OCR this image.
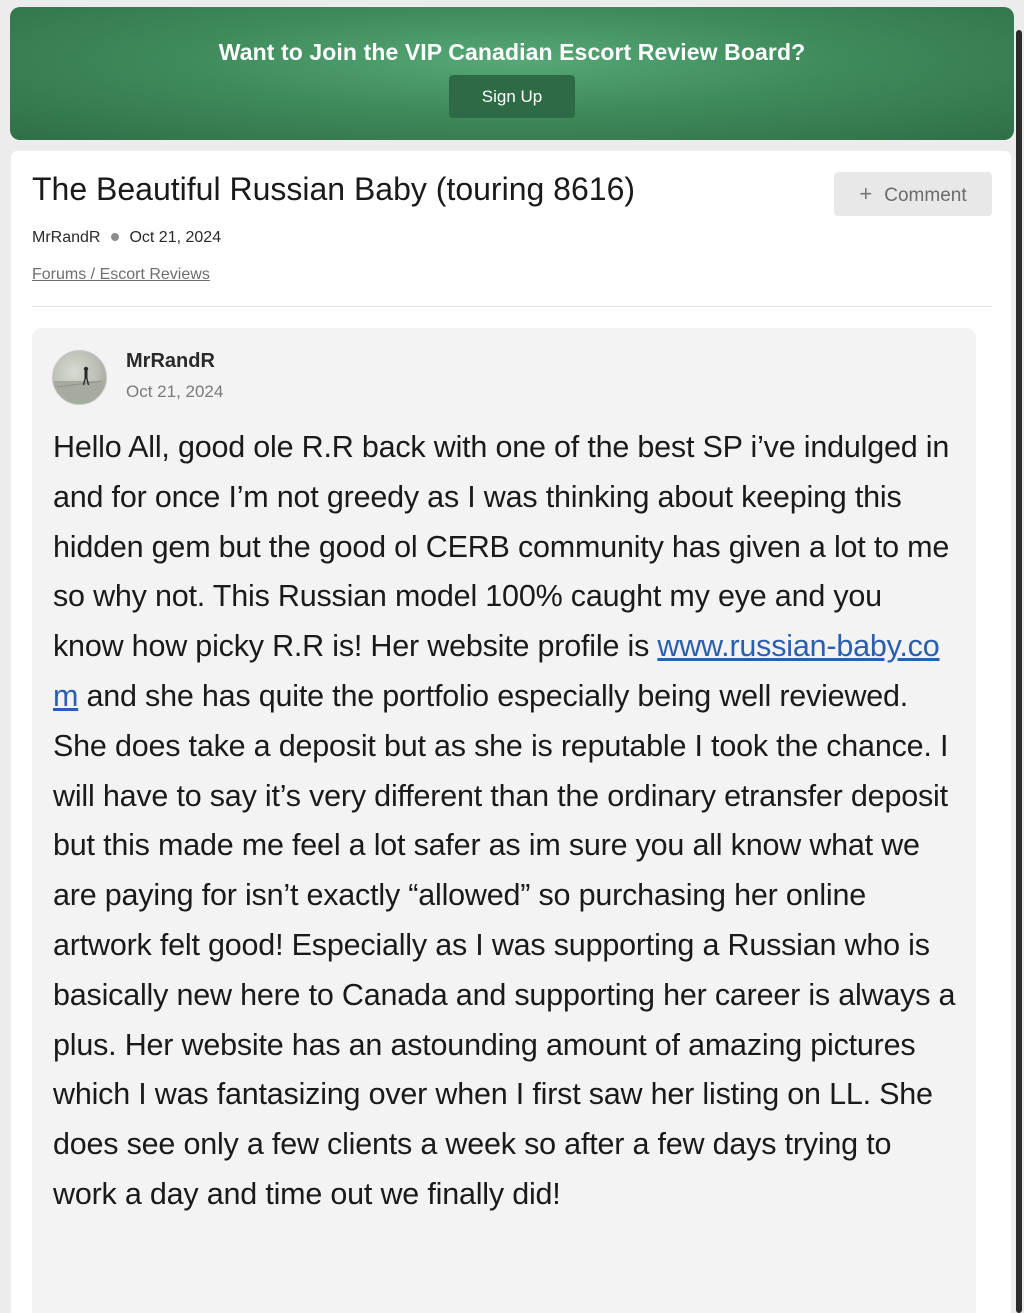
Want to Join the VIP Canadian Escort Review Board?
Sign Up
The Beautiful Russian Baby (touring 8616)	+ Comment
MrRandR Oct 21, 2024
Forums / Escort Reviews
MrRandR
Oct 21, 2024

Hello All, good ole R.R back with one of the best SP i’ve indulged in and for once I’m not greedy as I was thinking about keeping this hidden gem but the good ol CERB community has given a lot to me so why not. This Russian model 100% caught my eye and you know how picky R.R is! Her website profile is www.russian-baby.com and she has quite the portfolio especially being well reviewed. She does take a deposit but as she is reputable I took the chance. I will have to say it’s very different than the ordinary etransfer deposit but this made me feel a lot safer as im sure you all know what we are paying for isn’t exactly “allowed” so purchasing her online artwork felt good! Especially as I was supporting a Russian who is basically new here to Canada and supporting her career is always a plus. Her website has an astounding amount of amazing pictures which I was fantasizing over when I first saw her listing on LL. She does see only a few clients a week so after a few days trying to work a day and time out we finally did!
